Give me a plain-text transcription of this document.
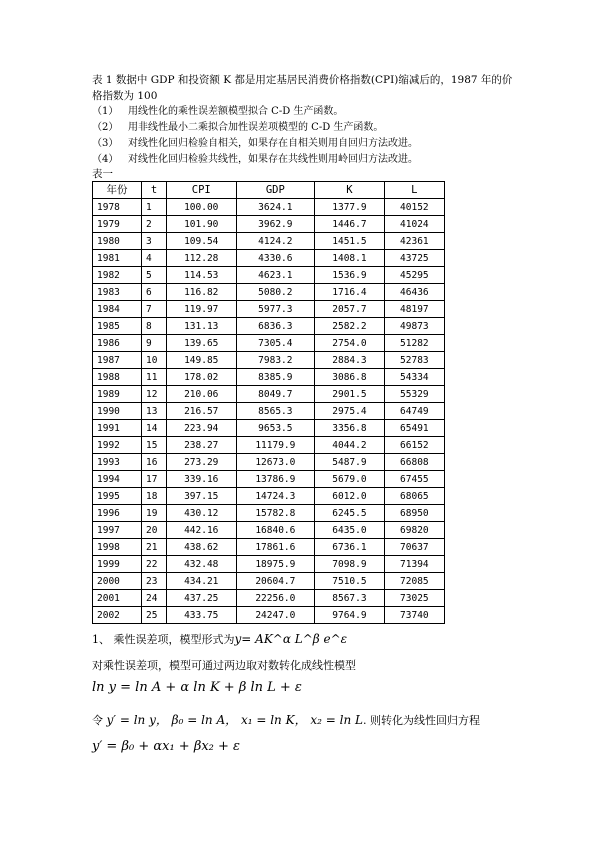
表 1 数据中 GDP 和投资额 K 都是用定基居民消费价格指数(CPI)缩减后的，1987 年的价格指数为 100

（1） 用线性化的乘性误差额模型拟合 C-D 生产函数。
（2） 用非线性最小二乘拟合加性误差项模型的 C-D 生产函数。
（3） 对线性化回归检验自相关，如果存在自相关则用自回归方法改进。
（4） 对线性化回归检验共线性，如果存在共线性则用岭回归方法改进。
表一
年份	t	CPI	GDP	K	L
1978	1	100.00	3624.1	1377.9	40152
1979	2	101.90	3962.9	1446.7	41024
1980	3	109.54	4124.2	1451.5	42361
1981	4	112.28	4330.6	1408.1	43725
1982	5	114.53	4623.1	1536.9	45295
1983	6	116.82	5080.2	1716.4	46436
1984	7	119.97	5977.3	2057.7	48197
1985	8	131.13	6836.3	2582.2	49873
1986	9	139.65	7305.4	2754.0	51282
1987	10	149.85	7983.2	2884.3	52783
1988	11	178.02	8385.9	3086.8	54334
1989	12	210.06	8049.7	2901.5	55329
1990	13	216.57	8565.3	2975.4	64749
1991	14	223.94	9653.5	3356.8	65491
1992	15	238.27	11179.9	4044.2	66152
1993	16	273.29	12673.0	5487.9	66808
1994	17	339.16	13786.9	5679.0	67455
1995	18	397.15	14724.3	6012.0	68065
1996	19	430.12	15782.8	6245.5	68950
1997	20	442.16	16840.6	6435.0	69820
1998	21	438.62	17861.6	6736.1	70637
1999	22	432.48	18975.9	7098.9	71394
2000	23	434.21	20604.7	7510.5	72085
2001	24	437.25	22256.0	8567.3	73025
2002	25	433.75	24247.0	9764.9	73740
1、 乘性误差项，模型形式为y= AK^α L^β e^ε
对乘性误差项，模型可通过两边取对数转化成线性模型
ln y = ln A + α ln K + β ln L + ε
令 y′ = ln y， β₀ = ln A， x₁ = ln K， x₂ = ln L. 则转化为线性回归方程
y′ = β₀ + αx₁ + βx₂ + ε
